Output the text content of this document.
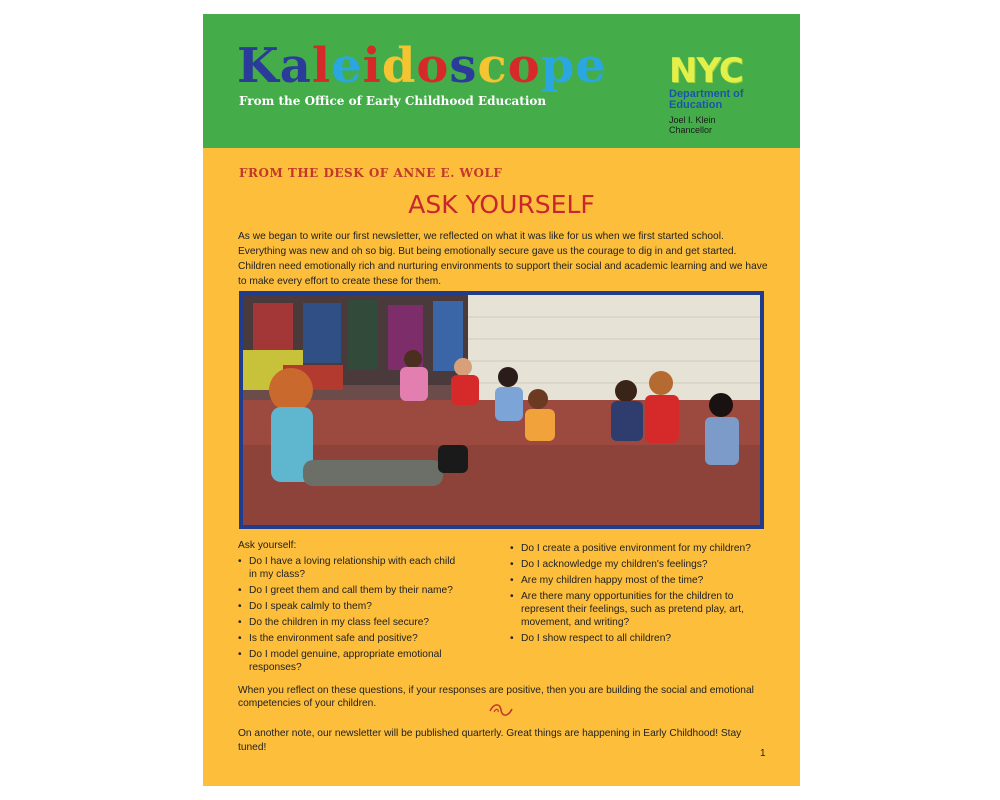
Kaleidoscope
From the Office of Early Childhood Education
NYC
Department of Education
Joel I. Klein
Chancellor
FROM THE DESK OF ANNE E. WOLF
ASK YOURSELF
As we began to write our first newsletter, we reflected on what it was like for us when we first started school. Everything was new and oh so big. But being emotionally secure gave us the courage to dig in and get started. Children need emotionally rich and nurturing environments to support their social and academic learning and we have to make every effort to create these for them.
Ask yourself:
• Do I have a loving relationship with each child in my class?
• Do I greet them and call them by their name?
• Do I speak calmly to them?
• Do the children in my class feel secure?
• Is the environment safe and positive?
• Do I model genuine, appropriate emotional responses?
• Do I create a positive environment for my children?
• Do I acknowledge my children's feelings?
• Are my children happy most of the time?
• Are there many opportunities for the children to represent their feelings, such as pretend play, art, movement, and writing?
• Do I show respect to all children?
When you reflect on these questions, if your responses are positive, then you are building the social and emotional competencies of your children.
On another note, our newsletter will be published quarterly. Great things are happening in Early Childhood! Stay tuned!
1
